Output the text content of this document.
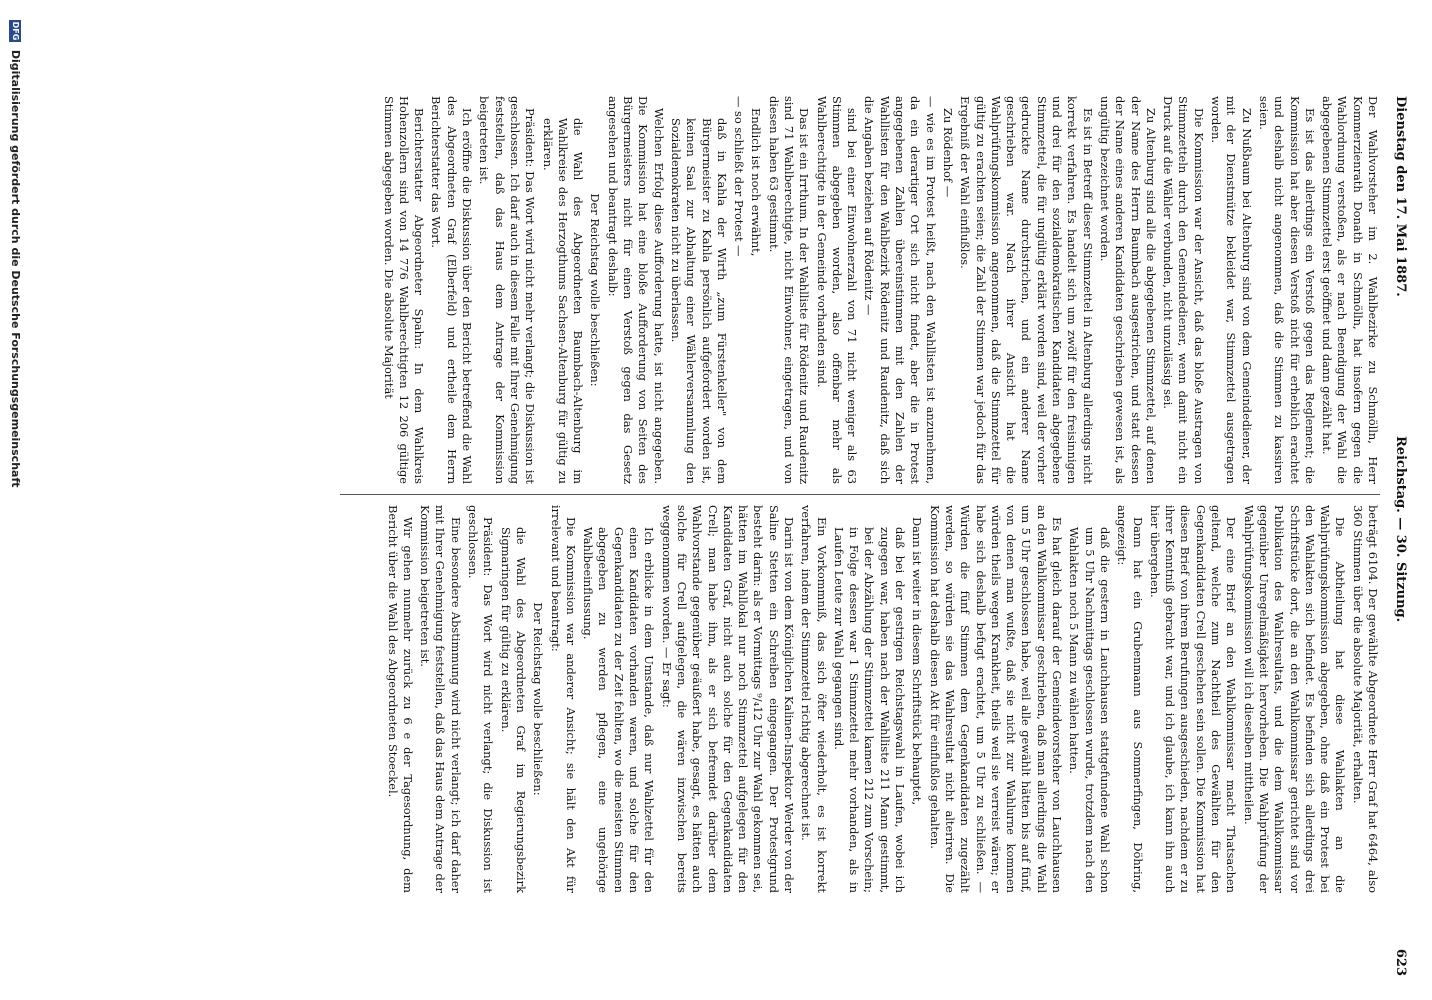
Dienstag den 17. Mai 1887.
Reichstag. — 30. Sitzung.
623

Der Wahlvorsteher im 2. Wahlbezirke zu Schmölln, Herr Kommerzienrath Donath in Schmölln, hat insofern gegen die Wahlordnung verstoßen, als er nach Beendigung der Wahl die abgegebenen Stimmzettel erst geöffnet und dann gezählt hat.

Es ist das allerdings ein Verstoß gegen das Reglement; die Kommission hat aber diesen Verstoß nicht für erheblich erachtet und deshalb nicht angenommen, daß die Stimmen zu kassiren seien.

Zu Nußbaum bei Altenburg sind von dem Gemeindediener, der mit der Dienstmütze bekleidet war, Stimmzettel ausgetragen worden.

Die Kommission war der Ansicht, daß das bloße Austragen von Stimmzetteln durch den Gemeindediener, wenn damit nicht ein Druck auf die Wähler verbunden, nicht unzulässig sei.

Zu Altenburg sind alle die abgegebenen Stimmzettel, auf denen der Name des Herrn Baumbach ausgestrichen, und statt dessen der Name eines anderen Kandidaten geschrieben gewesen ist, als ungültig bezeichnet worden.

Es ist in Betreff dieser Stimmzettel in Altenburg allerdings nicht korrekt verfahren. Es handelt sich um zwölf für den freisinnigen und drei für den sozialdemokratischen Kandidaten abgegebene Stimmzettel, die für ungültig erklärt worden sind, weil der vorher gedruckte Name durchstrichen, und ein anderer Name geschrieben war. Nach ihrer Ansicht hat die Wahlprüfungskommission angenommen, daß die Stimmzettel für gültig zu erachten seien; die Zahl der Stimmen war jedoch für das Ergebniß der Wahl einflußlos.

Zu Rödenhof —

— wie es im Protest heißt, nach den Wahllisten ist anzunehmen, da ein derartiger Ort sich nicht findet, aber die in Protest angegebenen Zahlen übereinstimmen mit den Zahlen der Wahllisten für den Wahlbezirk Rödenitz und Raudenitz, daß sich die Angaben beziehen auf Rödenitz —

sind bei einer Einwohnerzahl von 71 nicht weniger als 63 Stimmen abgegeben worden, also offenbar mehr als Wahlberechtigte in der Gemeinde vorhanden sind.

Das ist ein Irrthum. In der Wahlliste für Rödenitz und Raudenitz sind 71 Wahlberechtigte, nicht Einwohner, eingetragen, und von diesen haben 63 gestimmt.

Endlich ist noch erwähnt,

— so schließt der Protest —

daß in Kahla der Wirth „zum Fürstenkeller" von dem Bürgermeister zu Kahla persönlich aufgefordert worden ist, keinen Saal zur Abhaltung einer Wählerversammlung den Sozialdemokraten nicht zu überlassen.

Welchen Erfolg diese Aufforderung hatte, ist nicht angegeben. Die Kommission hat eine bloße Aufforderung von Seiten des Bürgermeisters nicht für einen Verstoß gegen das Gesetz angesehen und beantragt deshalb:

Der Reichstag wolle beschließen:

die Wahl des Abgeordneten Baumbach-Altenburg im Wahlkreise des Herzogthums Sachsen-Altenburg für gültig zu erklären.

Präsident: Das Wort wird nicht mehr verlangt; die Diskussion ist geschlossen. Ich darf auch in diesem Falle mit Ihrer Genehmigung feststellen, daß das Haus dem Antrage der Kommission beigetreten ist.

Ich eröffne die Diskussion über den Bericht betreffend die Wahl des Abgeordneten Graf (Elberfeld) und ertheile dem Herrn Berichterstatter das Wort.

Berichterstatter Abgeordneter Spahn: In dem Wahlkreis Hohenzollern sind von 14 776 Wahlberechtigten 12 206 gültige Stimmen abgegeben worden. Die absolute Majorität

beträgt 6104. Der gewählte Abgeordnete Herr Graf hat 6464, also 360 Stimmen über die absolute Majorität, erhalten.

Die Abtheilung hat diese Wahlakten an die Wahlprüfungskommission abgegeben, ohne daß ein Protest bei den Wahlakten sich befindet. Es befinden sich allerdings drei Schriftstücke dort, die an den Wahlkommissar gerichtet sind vor Publikation des Wahlresultats, und die dem Wahlkommissar gegenüber Unregelmäßigkeit hervorheben. Die Wahlprüfung der Wahlprüfungskommission will ich dieselben mittheilen.

Der eine Brief an den Wahlkommissar macht Thatsachen geltend, welche zum Nachtheil des Gewählten für den Gegenkandidaten Crell geschehen sein sollen. Die Kommission hat diesen Brief von ihrem Berufungen ausgeschieden, nachdem er zu ihrer Kenntniß gebracht war, und ich glaube, ich kann ihn auch hier übergehen.

Dann hat ein Grubenmann aus Sommerfingen, Döhring, angezeigt:

daß die gestern in Lauchhausen stattgefundene Wahl schon um 5 Uhr Nachmittags geschlossen wurde, trotzdem nach den Wahlakten noch 5 Mann zu wählen hatten.

Es hat gleich darauf der Gemeindevorsteher von Lauchhausen an den Wahlkommissar geschrieben, daß man allerdings die Wahl um 5 Uhr geschlossen habe, weil alle gewählt hätten bis auf fünf, von denen man wußte, daß sie nicht zur Wahlurne kommen würden theils wegen Krankheit, theils weil sie verreist wären; er habe sich deshalb befugt erachtet, um 5 Uhr zu schließen. — Würden die fünf Stimmen dem Gegenkandidaten zugezählt werden, so würden sie das Wahlresultat nicht alteriren. Die Kommission hat deshalb diesen Akt für einflußlos gehalten.

Dann ist weiter in diesem Schriftstück behauptet,

daß bei der gestrigen Reichstagswahl in Laufen, wobei ich zugegen war, haben nach der Wahlliste 211 Mann gestimmt, bei der Abzählung der Stimmzettel kamen 212 zum Vorschein; in Folge dessen war 1 Stimmzettel mehr vorhanden, als in Laufen Leute zur Wahl gegangen sind.

Ein Vorkommniß, das sich öfter wiederholt, es ist korrekt verfahren, indem der Stimmzettel richtig abgerechnet ist.

Darin ist von dem Königlichen Kalinen-Inspektor Werder von der Saline Stetten ein Schreiben eingegangen. Der Protestgrund besteht darin: als er Vormittags ⁹/₄12 Uhr zur Wahl gekommen sei, hätten im Wahllokal nur noch Stimmzettel aufgelegen für den Kandidaten Graf, nicht auch solche für den Gegenkandidaten Crell; man habe ihm, als er sich befremdet darüber dem Wahlvorstande gegenüber geäußert habe, gesagt, es hätten auch solche für Crell aufgelegen, die wären inzwischen bereits weggenommen worden. — Er sagt:

Ich erblicke in dem Umstande, daß nur Wahlzettel für den einen Kandidaten vorhanden waren, und solche für den Gegenkandidaten zu der Zeit fehlten, wo die meisten Stimmen abgegeben zu werden pflegen, eine ungehörige Wahlbeeinflussung.

Die Kommission war anderer Ansicht; sie hält den Akt für irrelevant und beantragt:

Der Reichstag wolle beschließen:

die Wahl des Abgeordneten Graf im Regierungsbezirk Sigmaringen für gültig zu erklären.

Präsident: Das Wort wird nicht verlangt; die Diskussion ist geschlossen.

Eine besondere Abstimmung wird nicht verlangt; ich darf daher mit Ihrer Genehmigung feststellen, daß das Haus dem Antrage der Kommission beigetreten ist.

Wir gehen nunmehr zurück zu 6 e der Tagesordnung, dem Bericht über die Wahl des Abgeordneten Stoeckel.

DFG Digitalisierung gefördert durch die Deutsche Forschungsgemeinschaft
